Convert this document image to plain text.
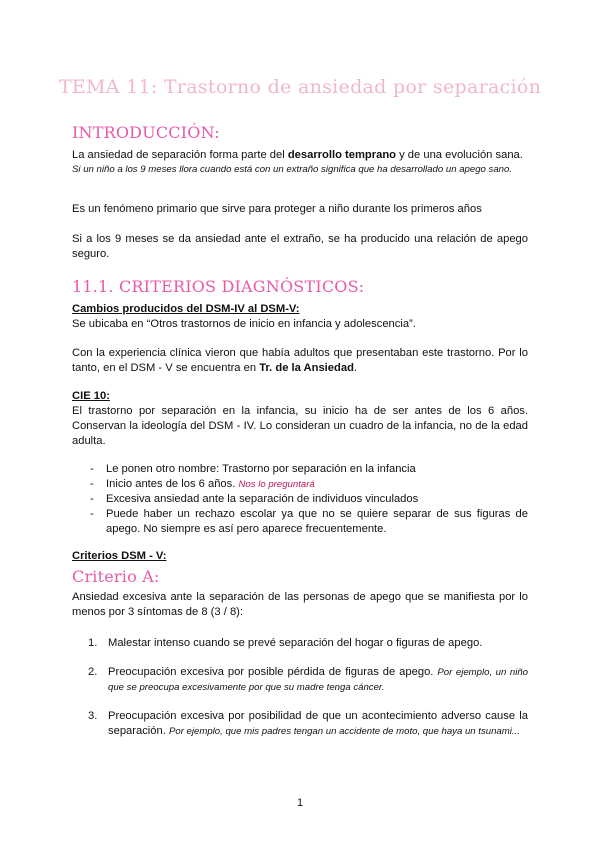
TEMA 11: Trastorno de ansiedad por separación
INTRODUCCIÓN:
La ansiedad de separación forma parte del desarrollo temprano y de una evolución sana.
Si un niño a los 9 meses llora cuando está con un extraño significa que ha desarrollado un apego sano.
Es un fenómeno primario que sirve para proteger a niño durante los primeros años
Si a los 9 meses se da ansiedad ante el extraño, se ha producido una relación de apego seguro.
11.1. CRITERIOS DIAGNÓSTICOS:
Cambios producidos del DSM-IV al DSM-V:
Se ubicaba en “Otros trastornos de inicio en infancia y adolescencia”.
Con la experiencia clínica vieron que había adultos que presentaban este trastorno. Por lo tanto, en el DSM - V se encuentra en Tr. de la Ansiedad.
CIE 10:
El trastorno por separación en la infancia, su inicio ha de ser antes de los 6 años. Conservan la ideología del DSM - IV. Lo consideran un cuadro de la infancia, no de la edad adulta.
- Le ponen otro nombre: Trastorno por separación en la infancia
- Inicio antes de los 6 años. Nos lo preguntará
- Excesiva ansiedad ante la separación de individuos vinculados
- Puede haber un rechazo escolar ya que no se quiere separar de sus figuras de apego. No siempre es así pero aparece frecuentemente.
Criterios DSM - V:
Criterio A:
Ansiedad excesiva ante la separación de las personas de apego que se manifiesta por lo menos por 3 síntomas de 8 (3 / 8):
1. Malestar intenso cuando se prevé separación del hogar o figuras de apego.
2. Preocupación excesiva por posible pérdida de figuras de apego. Por ejemplo, un niño que se preocupa excesivamente por que su madre tenga cáncer.
3. Preocupación excesiva por posibilidad de que un acontecimiento adverso cause la separación. Por ejemplo, que mis padres tengan un accidente de moto, que haya un tsunami...
1
